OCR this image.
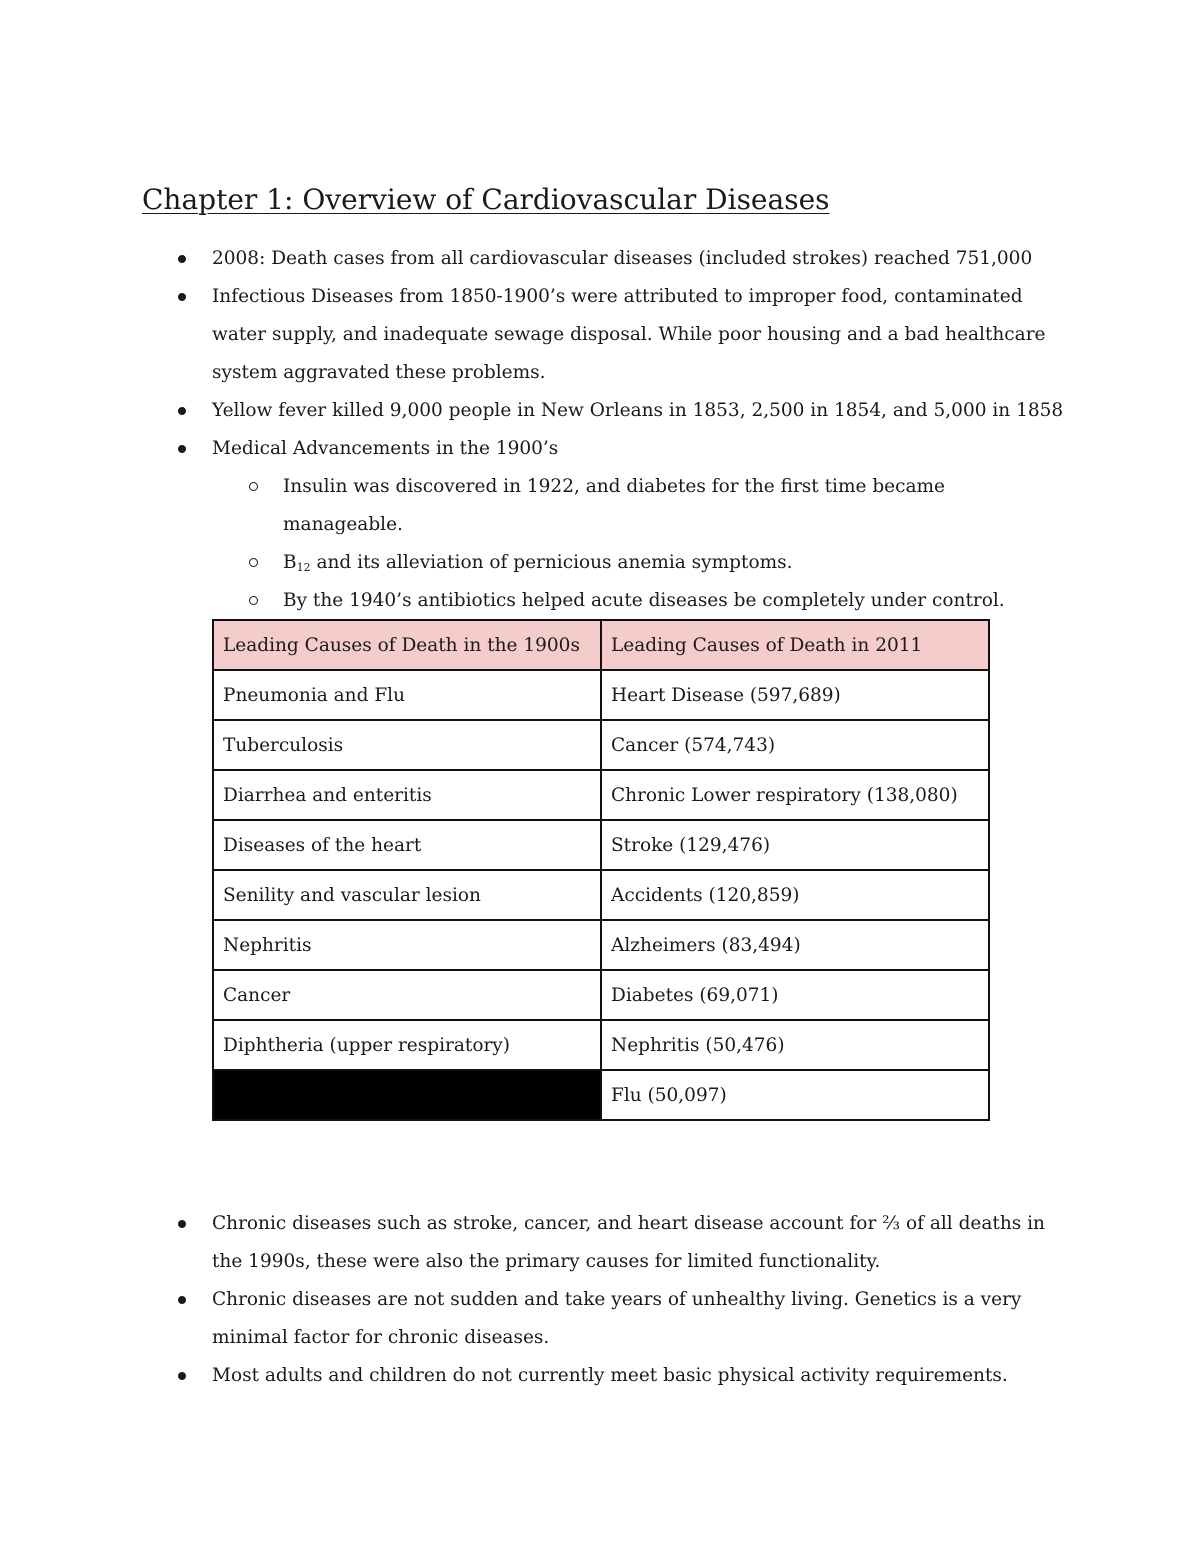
Chapter 1: Overview of Cardiovascular Diseases
2008: Death cases from all cardiovascular diseases (included strokes) reached 751,000
Infectious Diseases from 1850-1900’s were attributed to improper food, contaminated water supply, and inadequate sewage disposal. While poor housing and a bad healthcare system aggravated these problems.
Yellow fever killed 9,000 people in New Orleans in 1853, 2,500 in 1854, and 5,000 in 1858
Medical Advancements in the 1900’s
Insulin was discovered in 1922, and diabetes for the first time became manageable.
$B_{12}$ and its alleviation of pernicious anemia symptoms.
By the 1940’s antibiotics helped acute diseases be completely under control.
Leading Causes of Death in the 1900s	Leading Causes of Death in 2011
Pneumonia and Flu	Heart Disease (597,689)
Tuberculosis	Cancer (574,743)
Diarrhea and enteritis	Chronic Lower respiratory (138,080)
Diseases of the heart	Stroke (129,476)
Senility and vascular lesion	Accidents (120,859)
Nephritis	Alzheimers (83,494)
Cancer	Diabetes (69,071)
Diphtheria (upper respiratory)	Nephritis (50,476)
	Flu (50,097)
Chronic diseases such as stroke, cancer, and heart disease account for ⅔ of all deaths in the 1990s, these were also the primary causes for limited functionality.
Chronic diseases are not sudden and take years of unhealthy living. Genetics is a very minimal factor for chronic diseases.
Most adults and children do not currently meet basic physical activity requirements.
